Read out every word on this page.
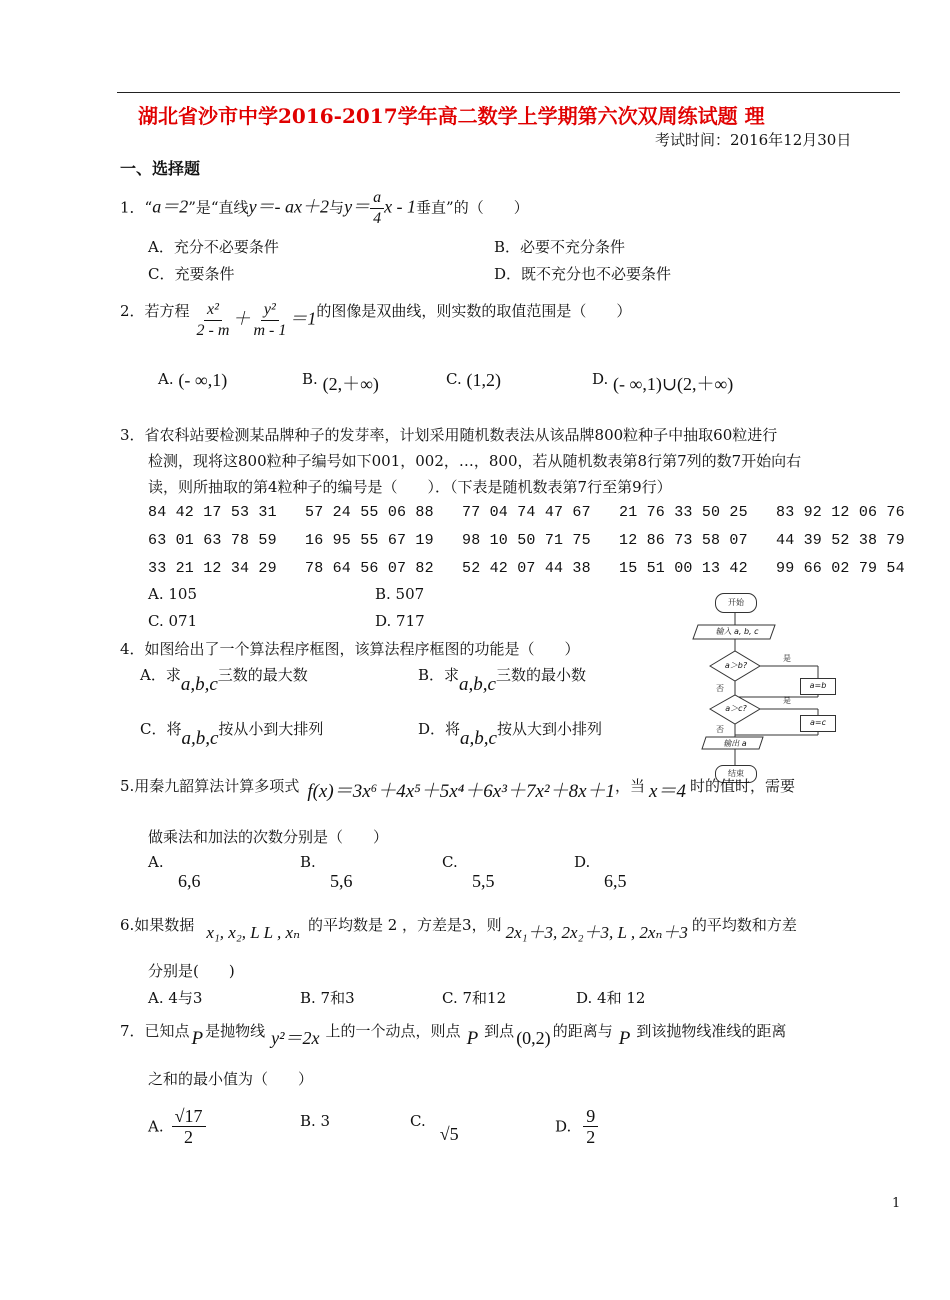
湖北省沙市中学2016-2017学年高二数学上学期第六次双周练试题 理
考试时间：2016年12月30日
一、选择题
1．“a＝2”是“直线y＝- ax＋2与$y= \frac{a}{4}$ x - 1垂直”的（　　）
A．充分不必要条件	B．必要不充分条件
C．充要条件	D．既不充分也不必要条件
2．若方程 $\frac{\text{x²}}{2 - m} + \frac{\text{y²}}{m - 1} =1$的图像是双曲线，则实数的取值范围是（　　）
A. (- ∞,1)	B. (2,＋∞)	C. (1,2)	D. (- ∞,1)∪(2,＋∞)
3．省农科站要检测某品牌种子的发芽率，计划采用随机数表法从该品牌800粒种子中抽取60粒进行
检测，现将这800粒种子编号如下001，002，…，800，若从随机数表第8行第7列的数7开始向右
读，则所抽取的第4粒种子的编号是（　　）．（下表是随机数表第7行至第9行）
84 42 17 53 31 57 24 55 06 88 77 04 74 47 67 21 76 33 50 25 83 92 12 06 76
63 01 63 78 59 16 95 55 67 19 98 10 50 71 75 12 86 73 58 07 44 39 52 38 79
33 21 12 34 29 78 64 56 07 82 52 42 07 44 38 15 51 00 13 42 99 66 02 79 54
A. 105	B. 507
C. 071	D. 717
4．如图给出了一个算法程序框图，该算法程序框图的功能是（　　）
A．求a,b,c三数的最大数	B．求a,b,c三数的最小数
C．将a,b,c按从小到大排列	D．将a,b,c按从大到小排列
开始
输入 a, b, c
a＞b?
是
a=b
否
a＞c?
是
a=c
否
输出 a
结束
5.用秦九韶算法计算多项式 f(x)＝3x⁶＋4x⁵＋5x⁴＋6x³＋7x²＋8x＋1，当 x＝4 时的值时，需要
做乘法和加法的次数分别是（　　）
A.
6,6
B.
5,6
C.
5,5
D.
6,5
6.如果数据 x₁, x₂, L L , xₙ 的平均数是 2 ，方差是3，则 2x₁＋3, 2x₂＋3, L , 2xₙ＋3 的平均数和方差
分别是(　　)
A. 4与3	B. 7和3	C. 7和12	D. 4和 12
7．已知点 P 是抛物线 y²＝2x 上的一个动点，则点 P 到点 (0,2) 的距离与 P 到该抛物线准线的距离
之和的最小值为（　　）
A. $\frac{√17}{2}$	B. 3	C.√5	D. $\frac{9}{2}$
1
